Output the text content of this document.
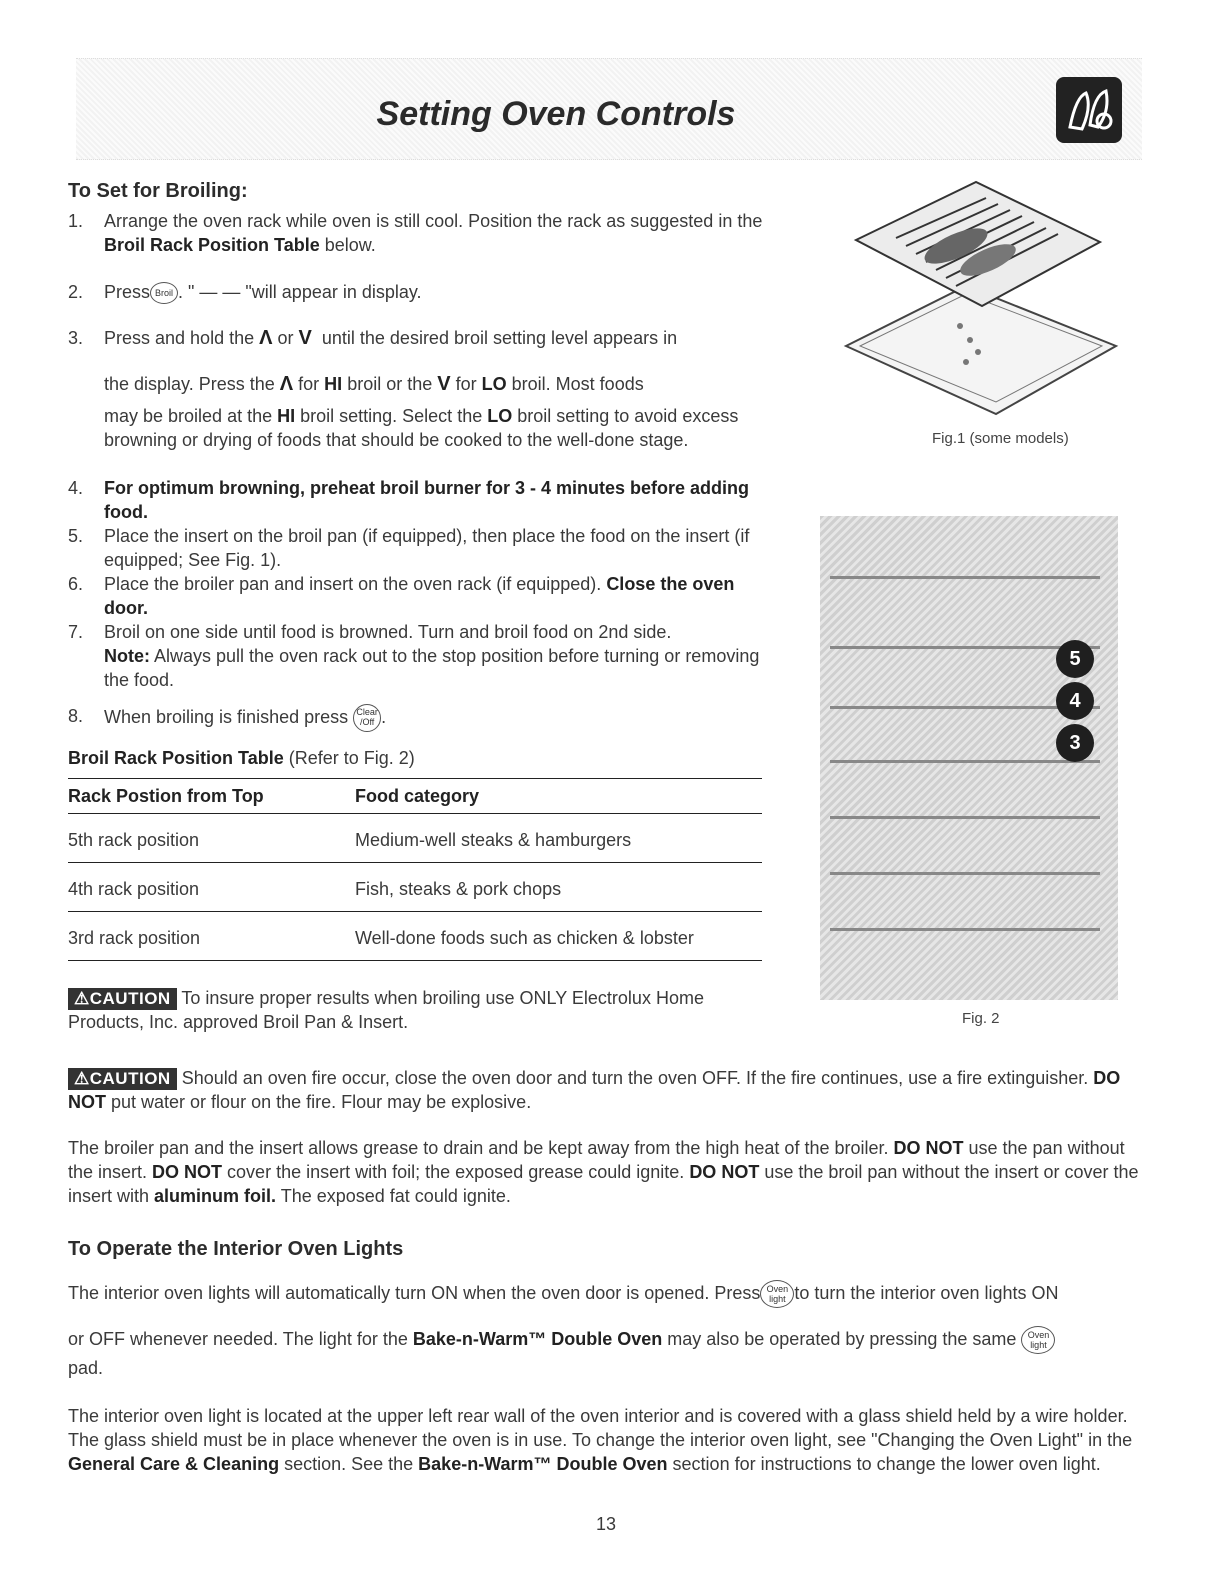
Setting Oven Controls
To Set for Broiling:
1. Arrange the oven rack while oven is still cool. Position the rack as suggested in the Broil Rack Position Table below.
2. Press Broil . " — — "will appear in display.
3. Press and hold the Λ or V until the desired broil setting level appears in
the display. Press the Λ for HI broil or the V for LO broil. Most foods
may be broiled at the HI broil setting. Select the LO broil setting to avoid excess browning or drying of foods that should be cooked to the well-done stage.
4. For optimum browning, preheat broil burner for 3 - 4 minutes before adding food.
5. Place the insert on the broil pan (if equipped), then place the food on the insert (if equipped; See Fig. 1).
6. Place the broiler pan and insert on the oven rack (if equipped). Close the oven door.
7. Broil on one side until food is browned. Turn and broil food on 2nd side.
Note: Always pull the oven rack out to the stop position before turning or removing the food.
8. When broiling is finished press Clear /Off .
Broil Rack Position Table (Refer to Fig. 2)
Rack Postion from Top	Food category
5th rack position	Medium-well steaks & hamburgers
4th rack position	Fish, steaks & pork chops
3rd rack position	Well-done foods such as chicken & lobster
⚠CAUTION To insure proper results when broiling use ONLY Electrolux Home Products, Inc. approved Broil Pan & Insert.
Fig.1 (some models)
5
4
3
Fig. 2
⚠CAUTION Should an oven fire occur, close the oven door and turn the oven OFF. If the fire continues, use a fire extinguisher. DO NOT put water or flour on the fire. Flour may be explosive.
The broiler pan and the insert allows grease to drain and be kept away from the high heat of the broiler. DO NOT use the pan without the insert. DO NOT cover the insert with foil; the exposed grease could ignite. DO NOT use the broil pan without the insert or cover the insert with aluminum foil. The exposed fat could ignite.
To Operate the Interior Oven Lights
The interior oven lights will automatically turn ON when the oven door is opened. Press Oven light to turn the interior oven lights ON
or OFF whenever needed. The light for the Bake-n-Warm™ Double Oven may also be operated by pressing the same Oven light
pad.
The interior oven light is located at the upper left rear wall of the oven interior and is covered with a glass shield held by a wire holder. The glass shield must be in place whenever the oven is in use. To change the interior oven light, see "Changing the Oven Light" in the General Care & Cleaning section. See the Bake-n-Warm™ Double Oven section for instructions to change the lower oven light.
13
